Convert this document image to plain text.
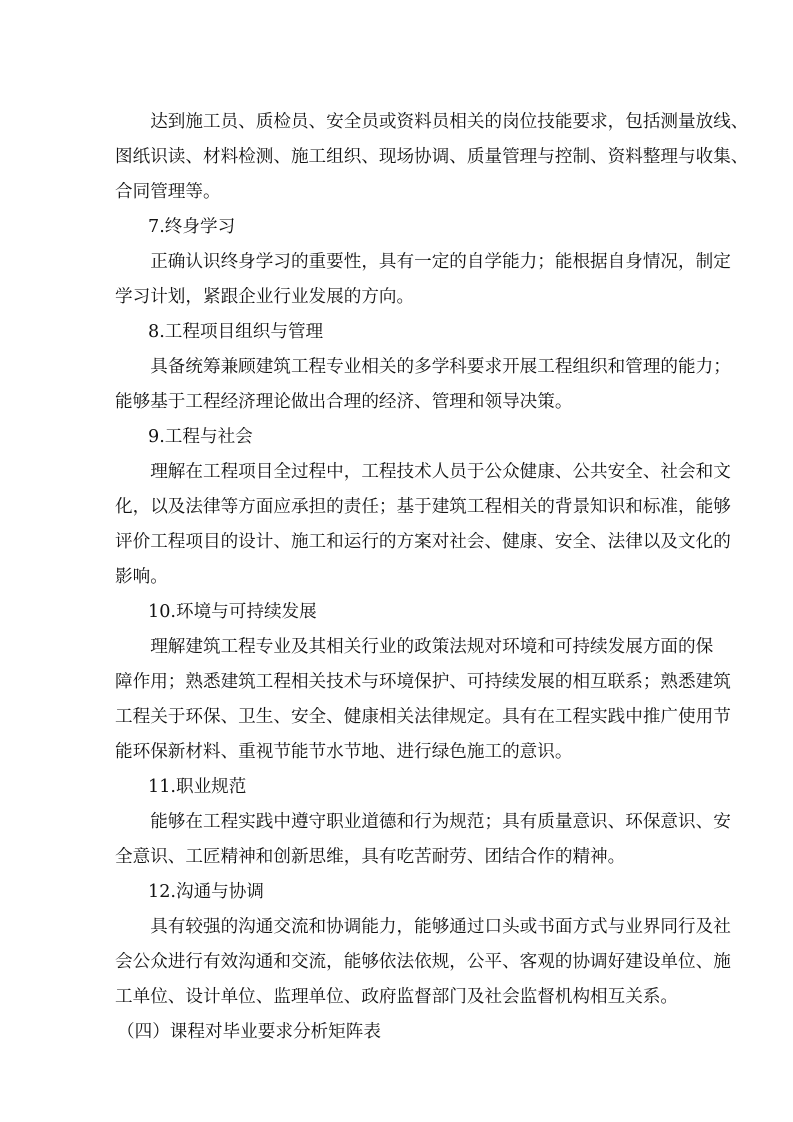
　　达到施工员、质检员、安全员或资料员相关的岗位技能要求，包括测量放线、
图纸识读、材料检测、施工组织、现场协调、质量管理与控制、资料整理与收集、
合同管理等。
7.终身学习
　　正确认识终身学习的重要性，具有一定的自学能力；能根据自身情况，制定
学习计划，紧跟企业行业发展的方向。
8.工程项目组织与管理
　　具备统筹兼顾建筑工程专业相关的多学科要求开展工程组织和管理的能力；
能够基于工程经济理论做出合理的经济、管理和领导决策。
9.工程与社会
　　理解在工程项目全过程中，工程技术人员于公众健康、公共安全、社会和文
化，以及法律等方面应承担的责任；基于建筑工程相关的背景知识和标准，能够
评价工程项目的设计、施工和运行的方案对社会、健康、安全、法律以及文化的
影响。
10.环境与可持续发展
　　理解建筑工程专业及其相关行业的政策法规对环境和可持续发展方面的保
障作用；熟悉建筑工程相关技术与环境保护、可持续发展的相互联系；熟悉建筑
工程关于环保、卫生、安全、健康相关法律规定。具有在工程实践中推广使用节
能环保新材料、重视节能节水节地、进行绿色施工的意识。
11.职业规范
　　能够在工程实践中遵守职业道德和行为规范；具有质量意识、环保意识、安
全意识、工匠精神和创新思维，具有吃苦耐劳、团结合作的精神。
12.沟通与协调
　　具有较强的沟通交流和协调能力，能够通过口头或书面方式与业界同行及社
会公众进行有效沟通和交流，能够依法依规，公平、客观的协调好建设单位、施
工单位、设计单位、监理单位、政府监督部门及社会监督机构相互关系。
（四）课程对毕业要求分析矩阵表
